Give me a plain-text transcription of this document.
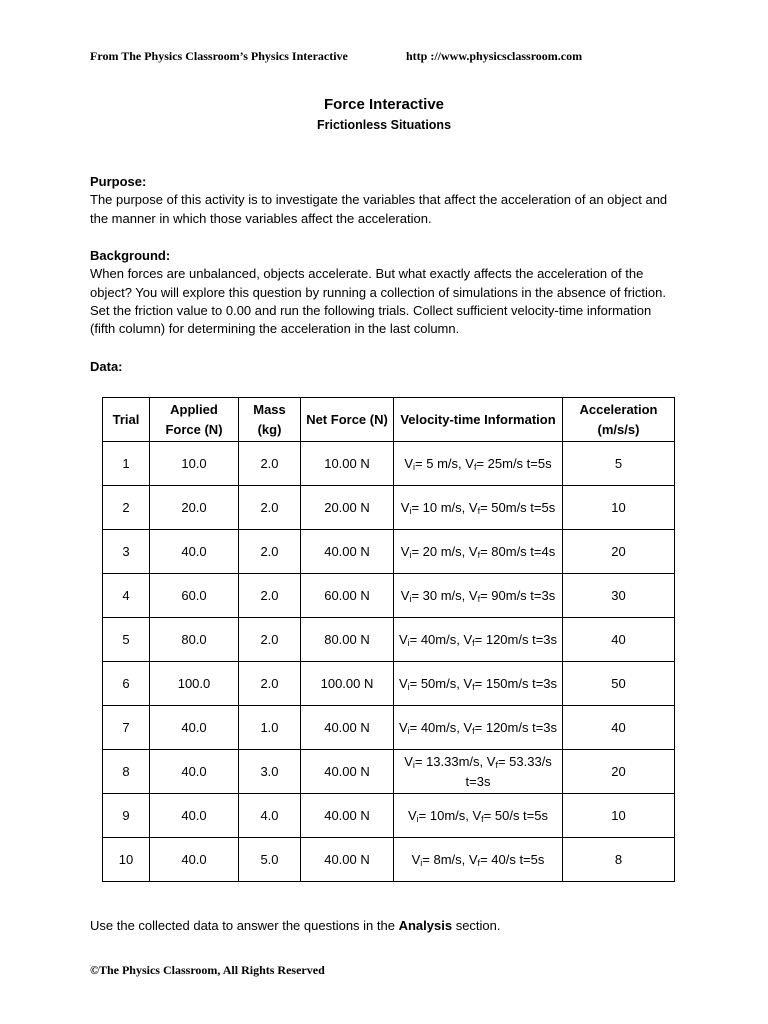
From The Physics Classroom’s Physics Interactive	http ://www.physicsclassroom.com
Force Interactive
Frictionless Situations
Purpose:
The purpose of this activity is to investigate the variables that affect the acceleration of an object and the manner in which those variables affect the acceleration.
Background:
When forces are unbalanced, objects accelerate. But what exactly affects the acceleration of the object? You will explore this question by running a collection of simulations in the absence of friction. Set the friction value to 0.00 and run the following trials. Collect sufficient velocity-time information (fifth column) for determining the acceleration in the last column.
Data:
Trial	Applied Force (N)	Mass (kg)	Net Force (N)	Velocity-time Information	Acceleration (m/s/s)
1	10.0	2.0	10.00 N	$V_i= 5$ m/s, $V_f= 25m/s$ t=5s	5
2	20.0	2.0	20.00 N	$V_i= 10$ m/s, $V_f= 50m/s$ t=5s	10
3	40.0	2.0	40.00 N	$V_i= 20$ m/s, $V_f= 80m/s$ t=4s	20
4	60.0	2.0	60.00 N	$V_i= 30$ m/s, $V_f= 90m/s$ t=3s	30
5	80.0	2.0	80.00 N	$V_i= 40m/s$, $V_f= 120m/s$ t=3s	40
6	100.0	2.0	100.00 N	$V_i= 50m/s$, $V_f= 150m/s$ t=3s	50
7	40.0	1.0	40.00 N	$V_i= 40m/s$, $V_f= 120m/s$ t=3s	40
8	40.0	3.0	40.00 N	$V_i= 13.33m/s$, $V_f= 53.33/s$ t=3s	20
9	40.0	4.0	40.00 N	$V_i= 10m/s$, $V_f= 50/s$ t=5s	10
10	40.0	5.0	40.00 N	$V_i= 8m/s$, $V_f= 40/s$ t=5s	8
Use the collected data to answer the questions in the Analysis section.
©The Physics Classroom, All Rights Reserved
